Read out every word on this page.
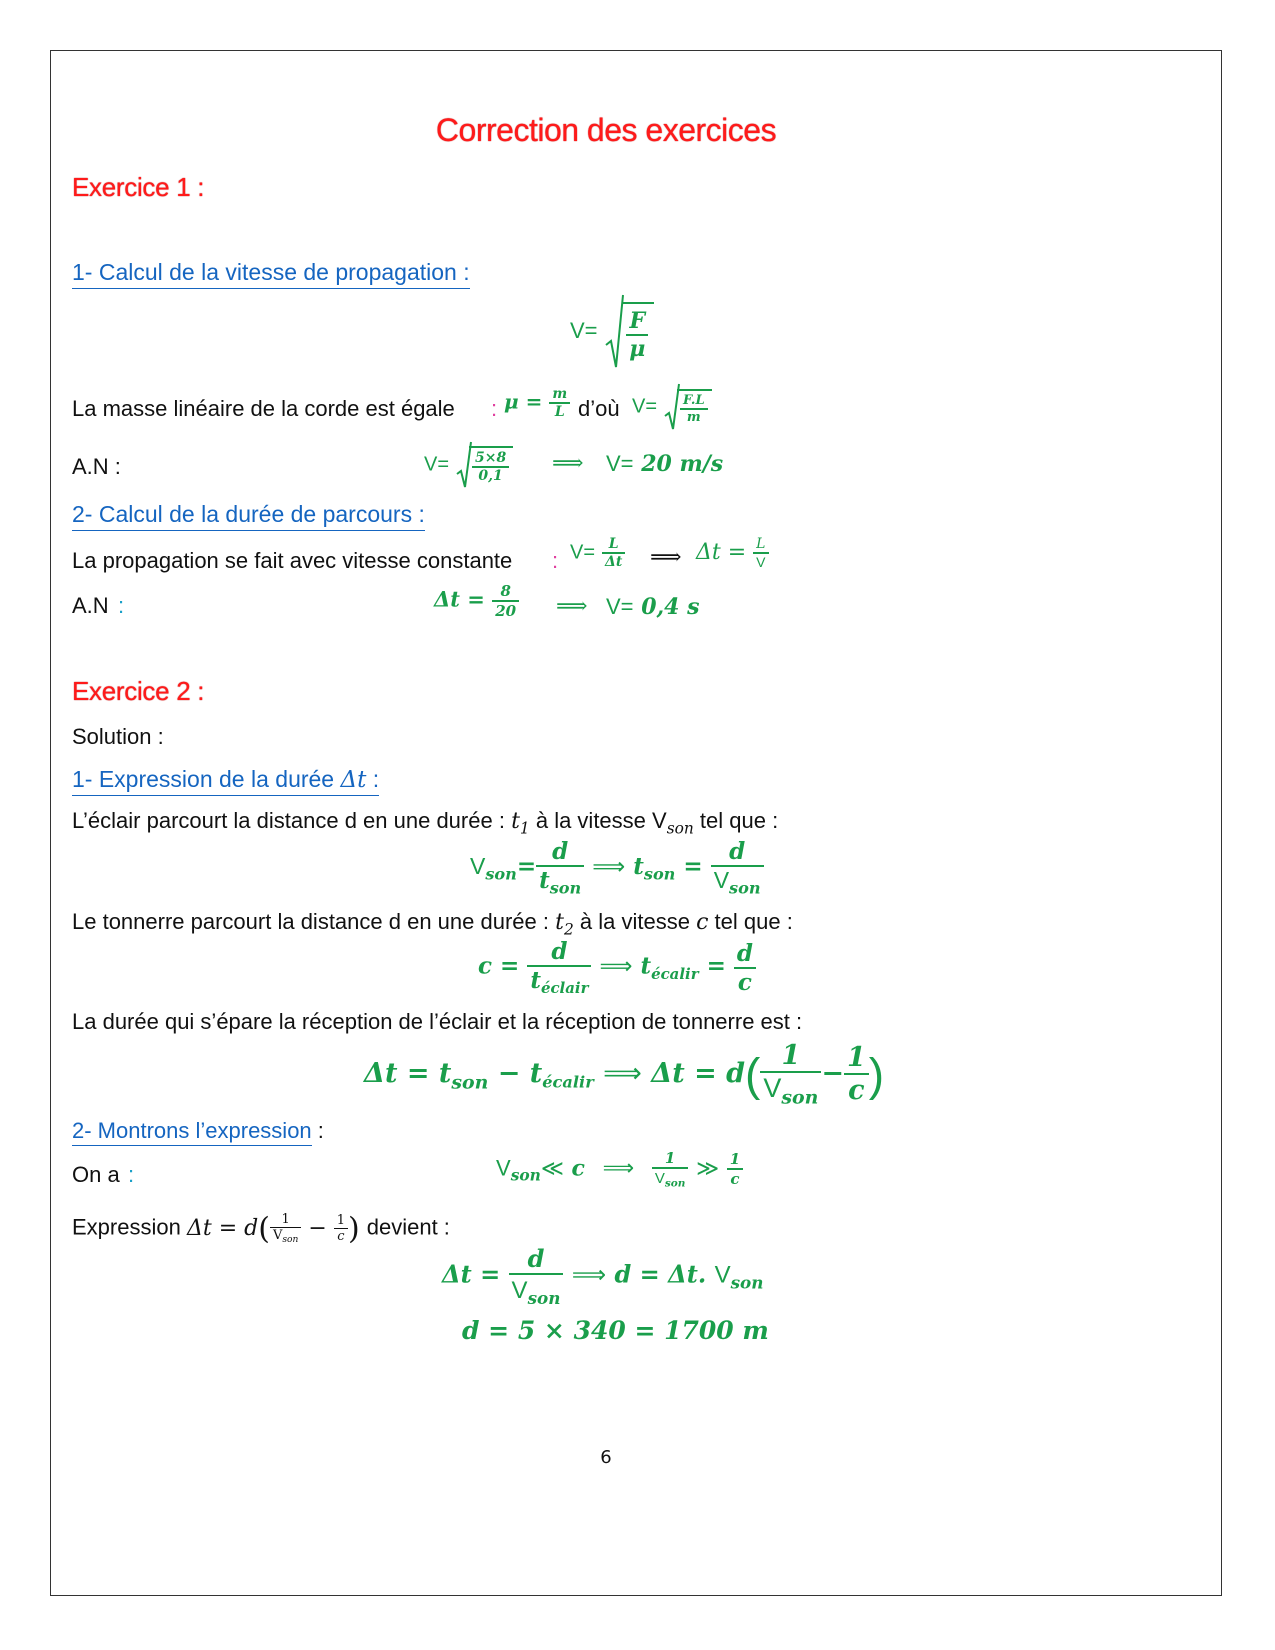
Correction des exercices
Exercice 1 :
1- Calcul de la vitesse de propagation :
$V= \frac{F}{\mu}$
La masse linéaire de la corde est égale : $\mu = \frac{m}{L}$ d’où $V= \frac{F.L}{m}$
A.N :	$V= \frac{5\times 8}{0,1}$ ⟹ V= 20 m/s
2- Calcul de la durée de parcours :
La propagation se fait avec vitesse constante : $V= \frac{L}{\Delta t}$ ⟹ $\Delta t = \frac{L}{V}$
A.N :	$\Delta t = \frac{8}{20}$ ⟹ V= 0,4 s
Exercice 2 :
Solution :
1- Expression de la durée Δt :
L’éclair parcourt la distance d en une durée : $t_1$ à la vitesse $V_{son}$ tel que :
$V_{son}= \frac{d}{t_{son}}$ ⟹ $t_{son} = \frac{d}{V_{son}}$
Le tonnerre parcourt la distance d en une durée : $t_2$ à la vitesse c tel que :
$c = \frac{d}{t_{éclair}}$ ⟹ $t_{écalir} = \frac{d}{c}$
La durée qui s’épare la réception de l’éclair et la réception de tonnerre est :
$\Delta t = t_{son} - t_{écalir}$ ⟹ $\Delta t = d( \frac{1}{V_{son}} - \frac{1}{c}$ )
2- Montrons l’expression :
On a :	$V_{son}≪$ c ⟹ $\frac{1}{V_{son}}$ ≫ $\frac{1}{c}$
Expression $\Delta t = d( \frac{1}{V_{son}} - \frac{1}{c}$ ) devient :
$\Delta t = \frac{d}{V_{son}}$ ⟹ d = Δt. $V_{son}$
d = 5 × 340 = 1700 m
6
